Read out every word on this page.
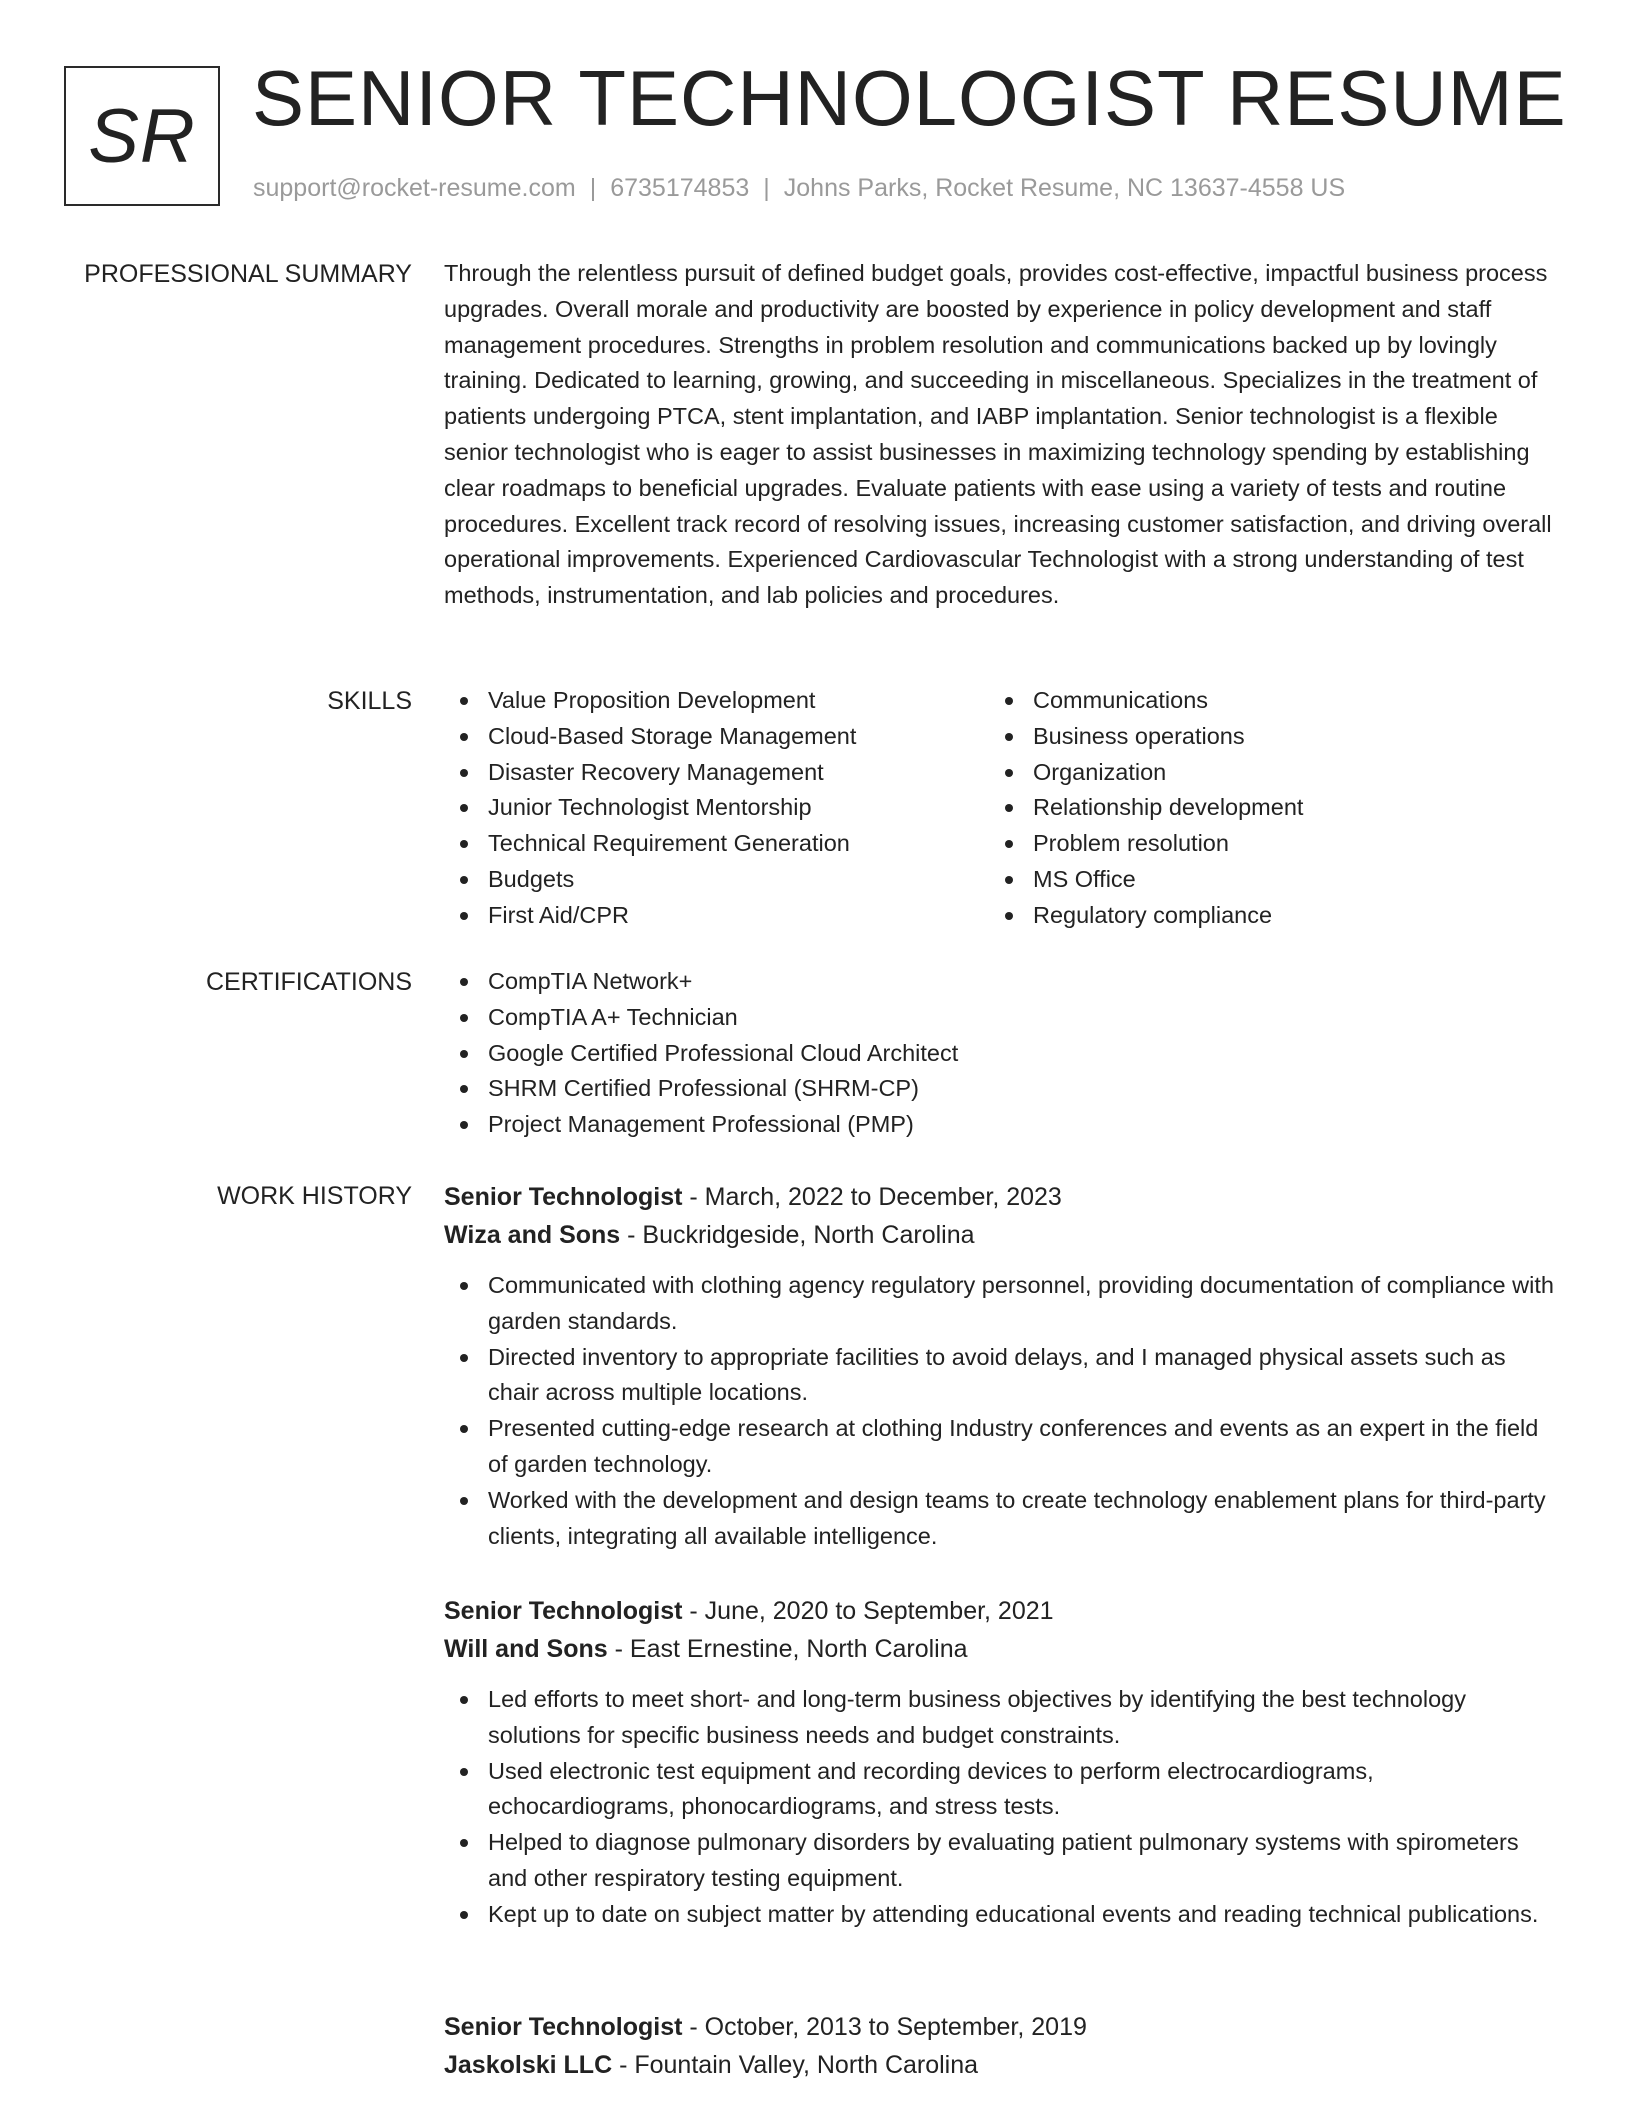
SR SENIOR TECHNOLOGIST RESUME
support@rocket-resume.com | 6735174853 | Johns Parks, Rocket Resume, NC 13637-4558 US
PROFESSIONAL SUMMARY Through the relentless pursuit of defined budget goals, provides cost-effective, impactful business process upgrades. Overall morale and productivity are boosted by experience in policy development and staff management procedures. Strengths in problem resolution and communications backed up by lovingly training. Dedicated to learning, growing, and succeeding in miscellaneous. Specializes in the treatment of patients undergoing PTCA, stent implantation, and IABP implantation. Senior technologist is a flexible senior technologist who is eager to assist businesses in maximizing technology spending by establishing clear roadmaps to beneficial upgrades. Evaluate patients with ease using a variety of tests and routine procedures. Excellent track record of resolving issues, increasing customer satisfaction, and driving overall operational improvements. Experienced Cardiovascular Technologist with a strong understanding of test methods, instrumentation, and lab policies and procedures.

SKILLS	Value Proposition Development
Cloud-Based Storage Management
Disaster Recovery Management
Junior Technologist Mentorship
Technical Requirement Generation
Budgets
First Aid/CPR
Communications
Business operations
Organization
Relationship development
Problem resolution
MS Office
Regulatory compliance
CERTIFICATIONS	CompTIA Network+
CompTIA A+ Technician
Google Certified Professional Cloud Architect
SHRM Certified Professional (SHRM-CP)
Project Management Professional (PMP)
WORK HISTORY Senior Technologist - March, 2022 to December, 2023
Wiza and Sons - Buckridgeside, North Carolina
Communicated with clothing agency regulatory personnel, providing documentation of compliance with garden standards.
Directed inventory to appropriate facilities to avoid delays, and I managed physical assets such as chair across multiple locations.
Presented cutting-edge research at clothing Industry conferences and events as an expert in the field of garden technology.
Worked with the development and design teams to create technology enablement plans for third-party clients, integrating all available intelligence.
Senior Technologist - June, 2020 to September, 2021
Will and Sons - East Ernestine, North Carolina
Led efforts to meet short- and long-term business objectives by identifying the best technology solutions for specific business needs and budget constraints.
Used electronic test equipment and recording devices to perform electrocardiograms, echocardiograms, phonocardiograms, and stress tests.
Helped to diagnose pulmonary disorders by evaluating patient pulmonary systems with spirometers and other respiratory testing equipment.
Kept up to date on subject matter by attending educational events and reading technical publications.
Senior Technologist - October, 2013 to September, 2019
Jaskolski LLC - Fountain Valley, North Carolina
